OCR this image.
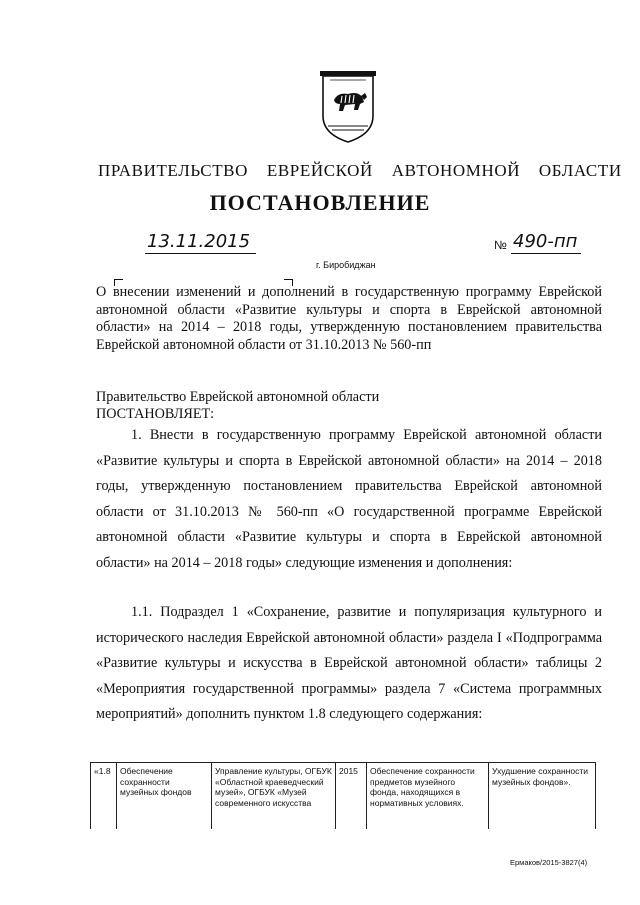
ПРАВИТЕЛЬСТВО ЕВРЕЙСКОЙ АВТОНОМНОЙ ОБЛАСТИ
ПОСТАНОВЛЕНИЕ
13.11.2015	№ 490-пп
г. Биробиджан
О внесении изменений и дополнений в государственную программу Еврейской автономной области «Развитие культуры и спорта в Еврейской автономной области» на 2014 – 2018 годы, утвержденную постановлением правительства Еврейской автономной области от 31.10.2013 № 560-пп
Правительство Еврейской автономной области
ПОСТАНОВЛЯЕТ:
1. Внести в государственную программу Еврейской автономной области «Развитие культуры и спорта в Еврейской автономной области» на 2014 – 2018 годы, утвержденную постановлением правительства Еврейской автономной области от 31.10.2013 № 560-пп «О государственной программе Еврейской автономной области «Развитие культуры и спорта в Еврейской автономной области» на 2014 – 2018 годы» следующие изменения и дополнения:
1.1. Подраздел 1 «Сохранение, развитие и популяризация культурного и исторического наследия Еврейской автономной области» раздела I «Подпрограмма «Развитие культуры и искусства в Еврейской автономной области» таблицы 2 «Мероприятия государственной программы» раздела 7 «Система программных мероприятий» дополнить пунктом 1.8 следующего содержания:
«1.8	Обеспечение сохранности музейных фондов	Управление культуры, ОГБУК «Областной краеведческий музей», ОГБУК «Музей современного искусства	2015	Обеспечение сохранности предметов музейного фонда, находящихся в нормативных условиях.	Ухудшение сохранности музейных фондов».
Ермаков/2015-3827(4)
